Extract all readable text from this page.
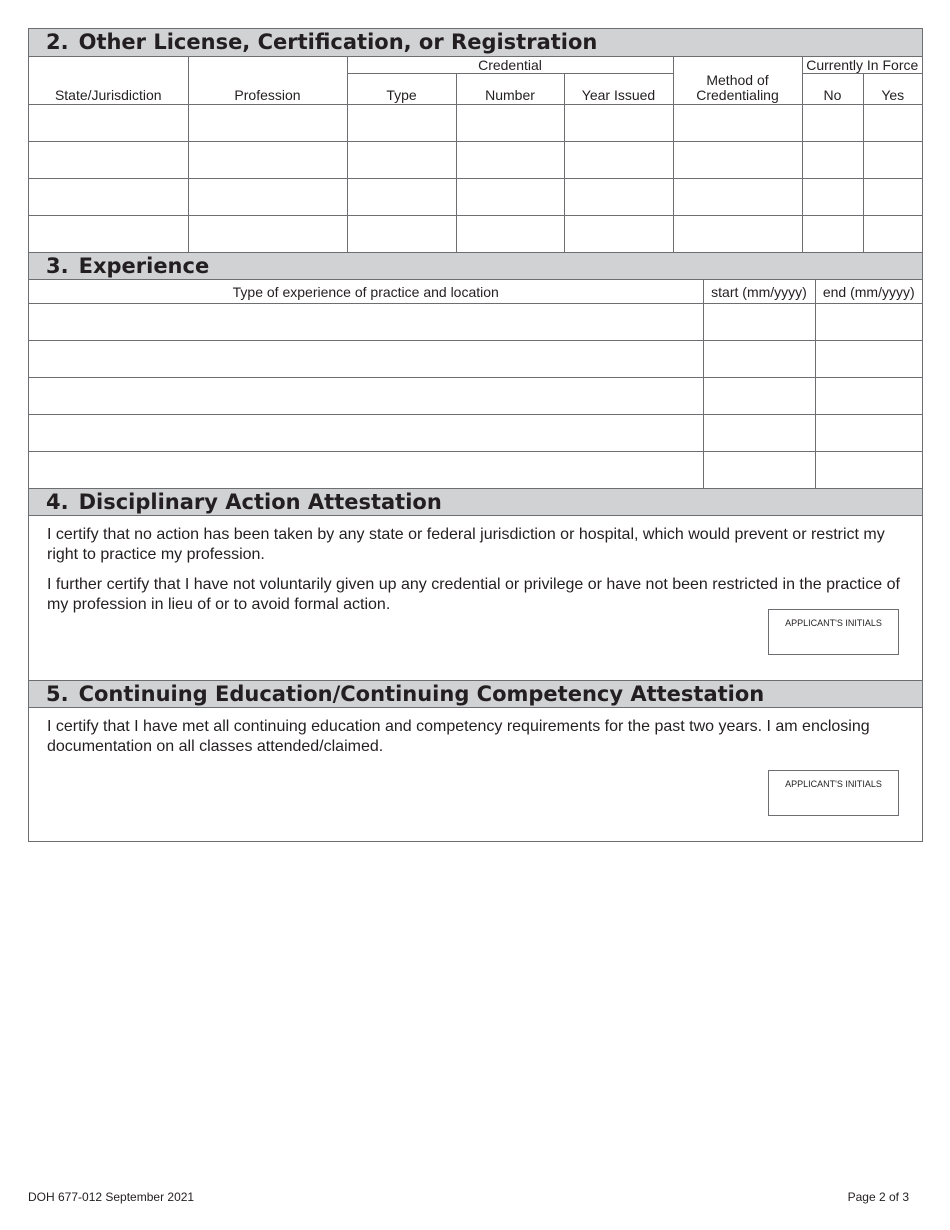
2. Other License, Certification, or Registration
State/Jurisdiction	Profession	Credential			Method of Credentialing	Currently In Force	
		Type	Number	Year Issued		No	Yes

3. Experience
Type of experience of practice and location	start (mm/yyyy)	end (mm/yyyy)

4. Disciplinary Action Attestation

I certify that no action has been taken by any state or federal jurisdiction or hospital, which would prevent or restrict my right to practice my profession.

I further certify that I have not voluntarily given up any credential or privilege or have not been restricted in the practice of my profession in lieu of or to avoid formal action.

APPLICANT'S INITIALS
5. Continuing Education/Continuing Competency Attestation

I certify that I have met all continuing education and competency requirements for the past two years. I am enclosing documentation on all classes attended/claimed.

APPLICANT'S INITIALS
DOH 677-012 September 2021	Page 2 of 3
